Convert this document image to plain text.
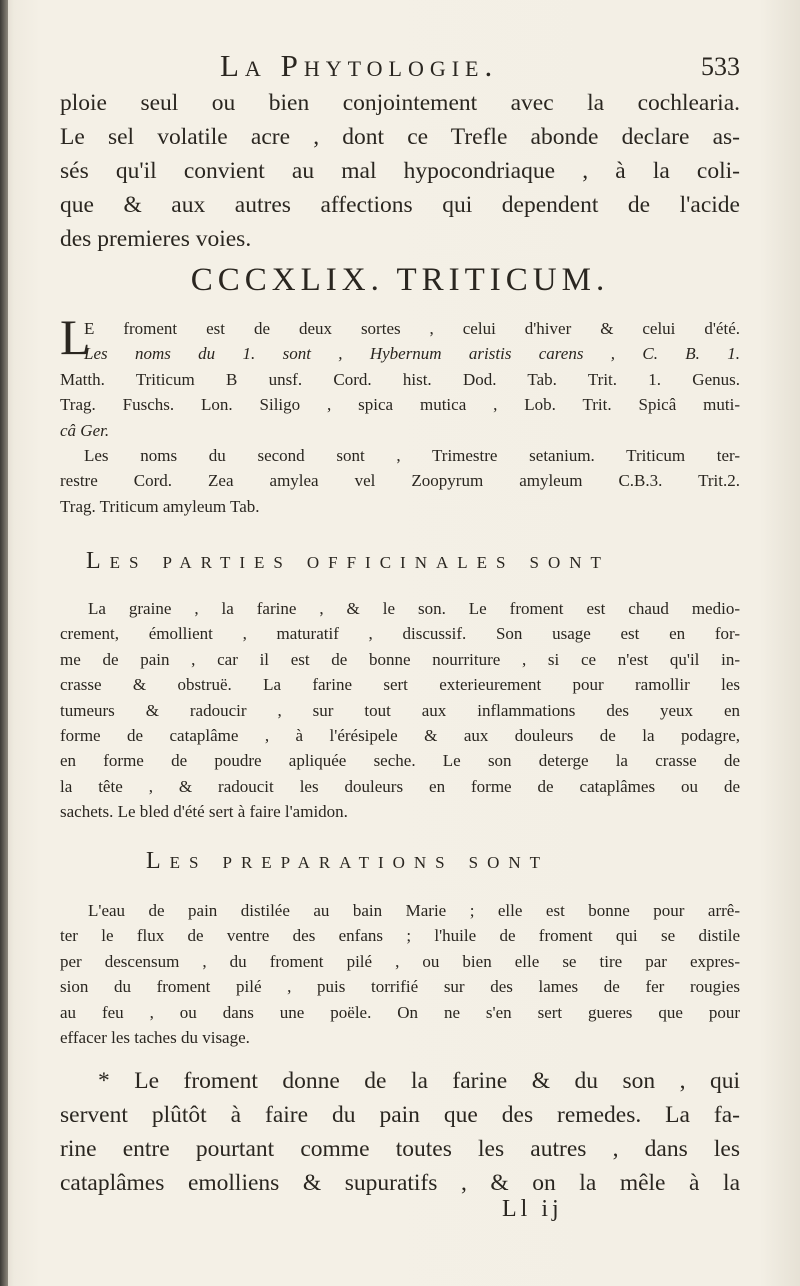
La Phytologie.	533
ploie seul ou bien conjointement avec la cochlearia.
Le sel volatile acre , dont ce Trefle abonde declare as-
sés qu'il convient au mal hypocondriaque , à la coli-
que & aux autres affections qui dependent de l'acide
des premieres voies.
CCCXLIX. TRITICUM.
L
E froment est de deux sortes , celui d'hiver & celui d'été.
Les noms du 1. sont , Hybernum aristis carens , C. B. 1.
Matth. Triticum B unsf. Cord. hist. Dod. Tab. Trit. 1. Genus.
Trag. Fuschs. Lon. Siligo , spica mutica , Lob. Trit. Spicâ muti-
câ Ger.
Les noms du second sont , Trimestre setanium. Triticum ter-
restre Cord. Zea amylea vel Zoopyrum amyleum C.B.3. Trit.2.
Trag. Triticum amyleum Tab.
Les parties officinales sont
La graine , la farine , & le son. Le froment est chaud medio-
crement, émollient , maturatif , discussif. Son usage est en for-
me de pain , car il est de bonne nourriture , si ce n'est qu'il in-
crasse & obstruë. La farine sert exterieurement pour ramollir les
tumeurs & radoucir , sur tout aux inflammations des yeux en
forme de cataplâme , à l'érésipele & aux douleurs de la podagre,
en forme de poudre apliquée seche. Le son deterge la crasse de
la tête , & radoucit les douleurs en forme de cataplâmes ou de
sachets. Le bled d'été sert à faire l'amidon.
Les preparations sont
L'eau de pain distilée au bain Marie ; elle est bonne pour arrê-
ter le flux de ventre des enfans ; l'huile de froment qui se distile
per descensum , du froment pilé , ou bien elle se tire par expres-
sion du froment pilé , puis torrifié sur des lames de fer rougies
au feu , ou dans une poële. On ne s'en sert gueres que pour
effacer les taches du visage.
* Le froment donne de la farine & du son , qui
servent plûtôt à faire du pain que des remedes. La fa-
rine entre pourtant comme toutes les autres , dans les
cataplâmes emolliens & supuratifs , & on la mêle à la
Ll ij
